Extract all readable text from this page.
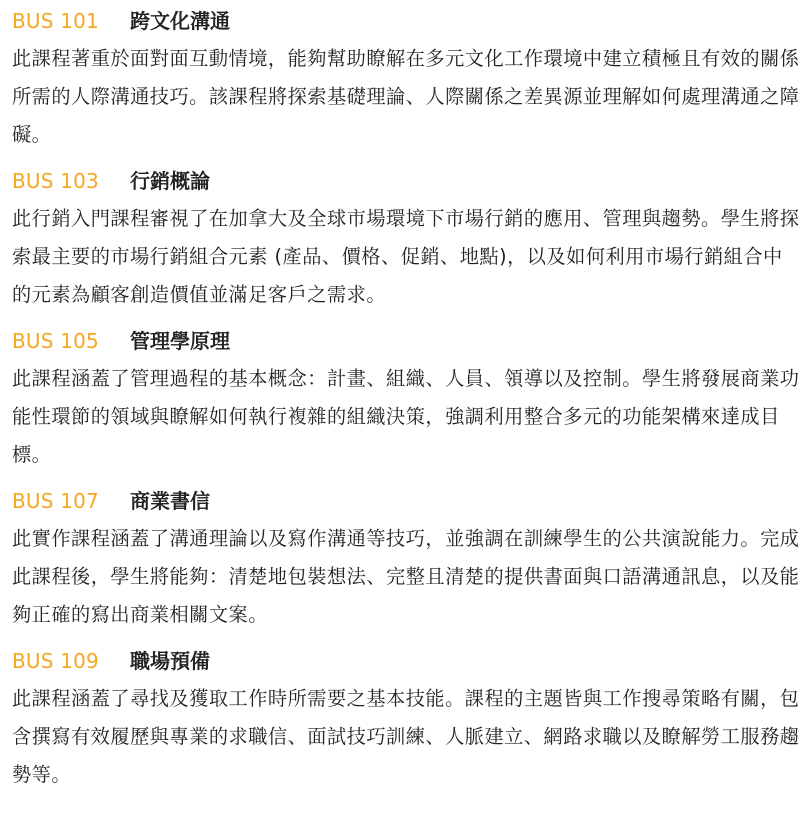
BUS 101	跨文化溝通

此課程著重於面對面互動情境，能夠幫助瞭解在多元文化工作環境中建立積極且有效的關係所需的人際溝通技巧。該課程將探索基礎理論、人際關係之差異源並理解如何處理溝通之障礙。

BUS 103	行銷概論

此行銷入門課程審視了在加拿大及全球市場環境下市場行銷的應用、管理與趨勢。學生將探索最主要的市場行銷組合元素 (產品、價格、促銷、地點)，以及如何利用市場行銷組合中的元素為顧客創造價值並滿足客戶之需求。

BUS 105	管理學原理

此課程涵蓋了管理過程的基本概念：計畫、組織、人員、領導以及控制。學生將發展商業功能性環節的領域與瞭解如何執行複雜的組織決策，強調利用整合多元的功能架構來達成目標。

BUS 107	商業書信

此實作課程涵蓋了溝通理論以及寫作溝通等技巧，並強調在訓練學生的公共演說能力。完成此課程後，學生將能夠：清楚地包裝想法、完整且清楚的提供書面與口語溝通訊息，以及能夠正確的寫出商業相關文案。

BUS 109	職場預備

此課程涵蓋了尋找及獲取工作時所需要之基本技能。課程的主題皆與工作搜尋策略有關，包含撰寫有效履歷與專業的求職信、面試技巧訓練、人脈建立、網路求職以及瞭解勞工服務趨勢等。
